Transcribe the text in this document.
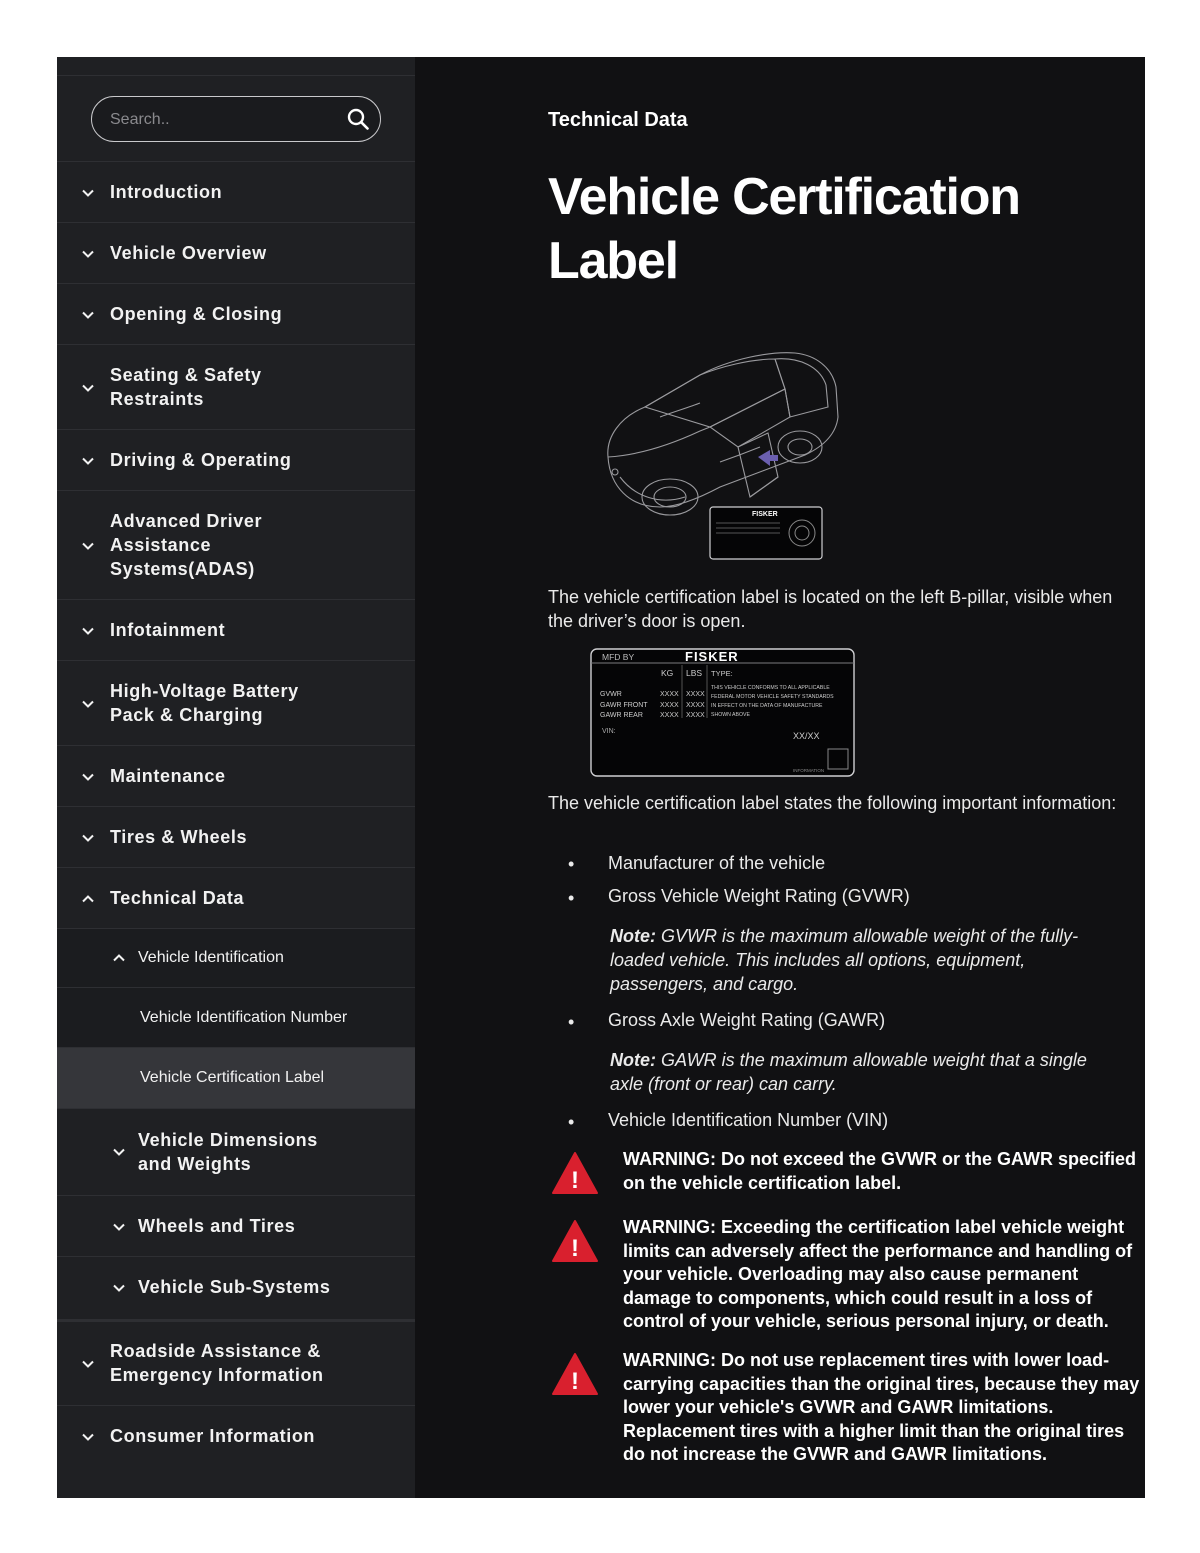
Search..
Introduction
Vehicle Overview
Opening & Closing
Seating & Safety Restraints
Driving & Operating
Advanced Driver Assistance Systems(ADAS)
Infotainment
High-Voltage Battery Pack & Charging
Maintenance
Tires & Wheels
Technical Data
Vehicle Identification
Vehicle Identification Number
Vehicle Certification Label
Vehicle Dimensions and Weights
Wheels and Tires
Vehicle Sub-Systems
Roadside Assistance & Emergency Information
Consumer Information
Technical Data
Vehicle Certification Label
FISKER

The vehicle certification label is located on the left B-pillar, visible when the driver’s door is open.

MFD BY	FISKER
KG LBS TYPE:
GVWR	XXXX XXXX
GAWR FRONT XXXX XXXX
GAWR REAR XXXX XXXX
THIS VEHICLE CONFORMS TO ALL APPLICABLE
FEDERAL MOTOR VEHICLE SAFETY STANDARDS
IN EFFECT ON THE DATA OF MANUFACTURE
SHOWN ABOVE
VIN:	XX/XX
INFORMATION

The vehicle certification label states the following important information:

• Manufacturer of the vehicle
• Gross Vehicle Weight Rating (GVWR)
Note: GVWR is the maximum allowable weight of the fully-loaded vehicle. This includes all options, equipment, passengers, and cargo.
• Gross Axle Weight Rating (GAWR)
Note: GAWR is the maximum allowable weight that a single axle (front or rear) can carry.
• Vehicle Identification Number (VIN)
!
WARNING: Do not exceed the GVWR or the GAWR specified on the vehicle certification label.
!
WARNING: Exceeding the certification label vehicle weight limits can adversely affect the performance and handling of your vehicle. Overloading may also cause permanent damage to components, which could result in a loss of control of your vehicle, serious personal injury, or death.
!
WARNING: Do not use replacement tires with lower load-carrying capacities than the original tires, because they may lower your vehicle's GVWR and GAWR limitations. Replacement tires with a higher limit than the original tires do not increase the GVWR and GAWR limitations.
